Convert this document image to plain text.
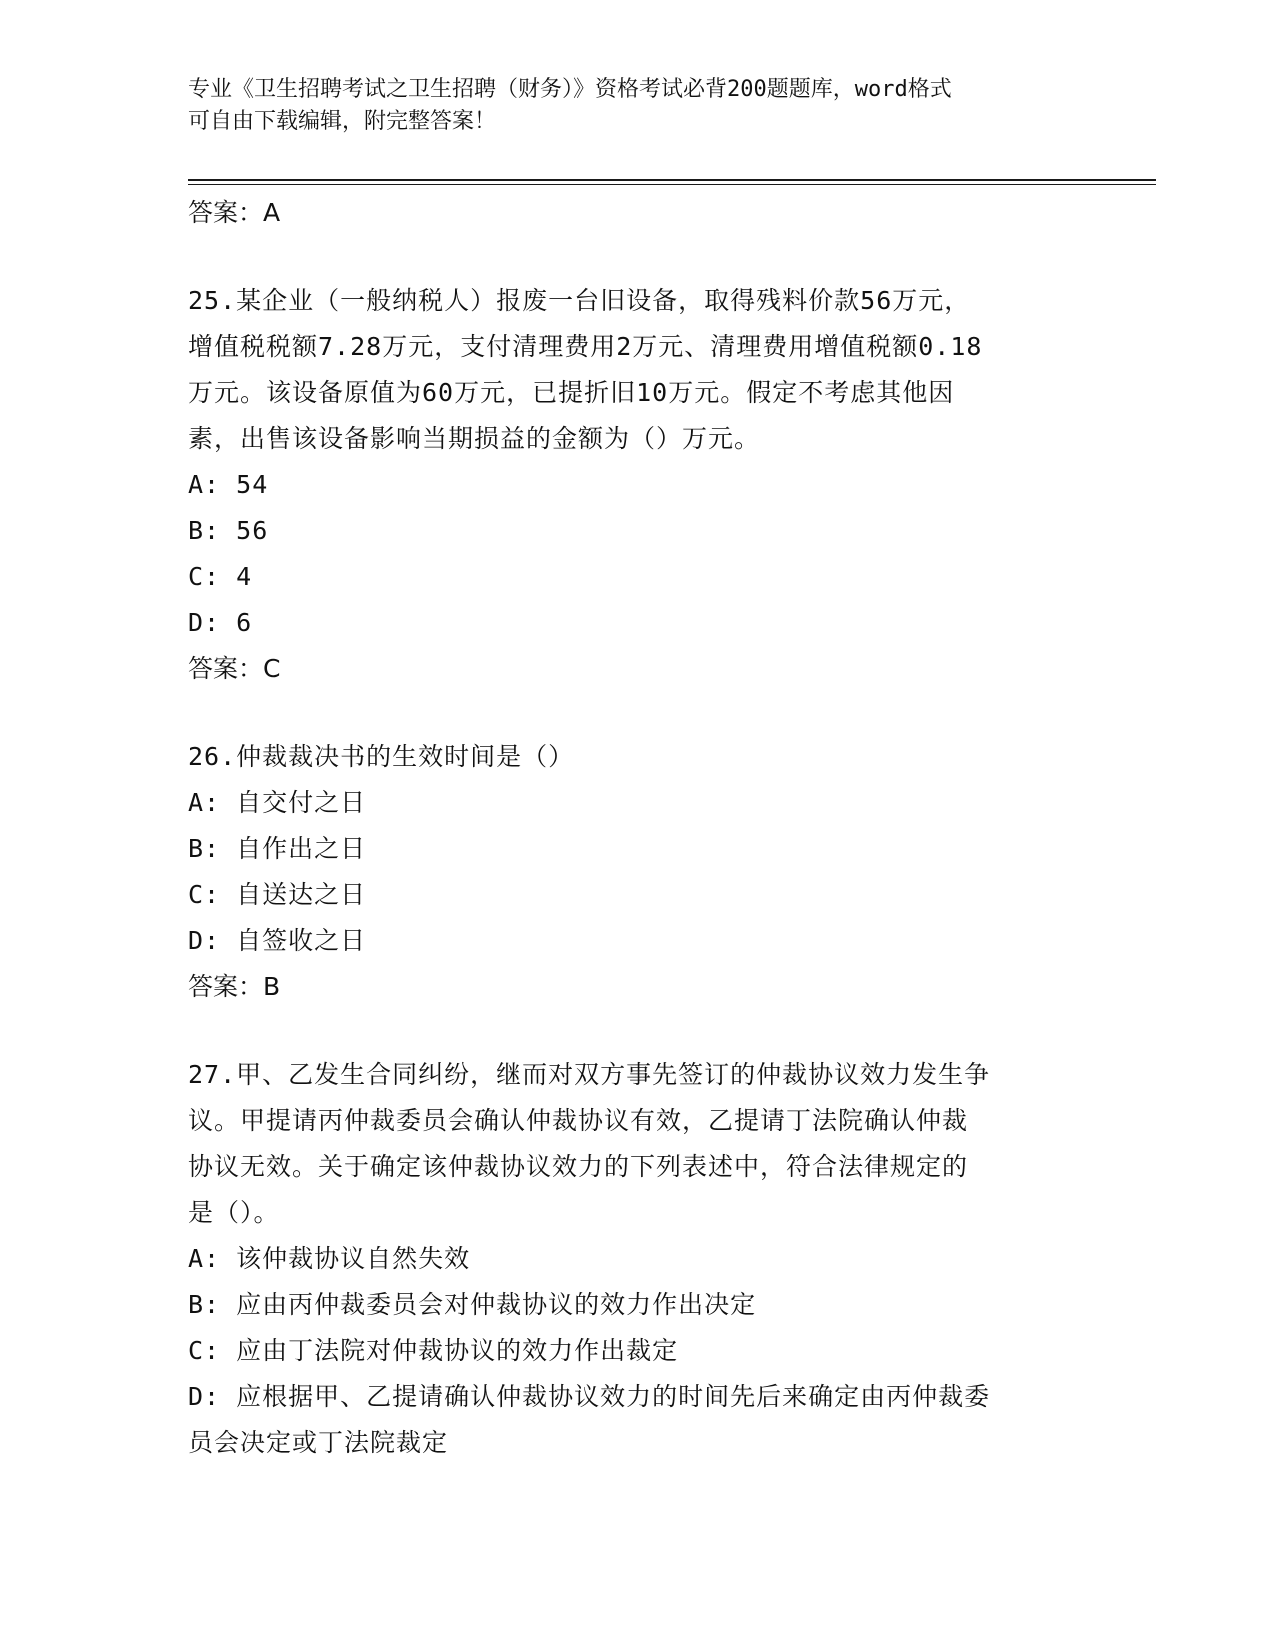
专业《卫生招聘考试之卫生招聘（财务）》资格考试必背200题题库，word格式

可自由下载编辑，附完整答案！

答案：A
25.某企业（一般纳税人）报废一台旧设备，取得残料价款56万元，
增值税税额7.28万元，支付清理费用2万元、清理费用增值税额0.18
万元。该设备原值为60万元，已提折旧10万元。假定不考虑其他因
素，出售该设备影响当期损益的金额为（）万元。
A: 54
B: 56
C: 4
D: 6
答案：C
26.仲裁裁决书的生效时间是（）
A: 自交付之日
B: 自作出之日
C: 自送达之日
D: 自签收之日
答案：B
27.甲、乙发生合同纠纷，继而对双方事先签订的仲裁协议效力发生争
议。甲提请丙仲裁委员会确认仲裁协议有效，乙提请丁法院确认仲裁
协议无效。关于确定该仲裁协议效力的下列表述中，符合法律规定的
是（）。
A: 该仲裁协议自然失效
B: 应由丙仲裁委员会对仲裁协议的效力作出决定
C: 应由丁法院对仲裁协议的效力作出裁定
D: 应根据甲、乙提请确认仲裁协议效力的时间先后来确定由丙仲裁委
员会决定或丁法院裁定
